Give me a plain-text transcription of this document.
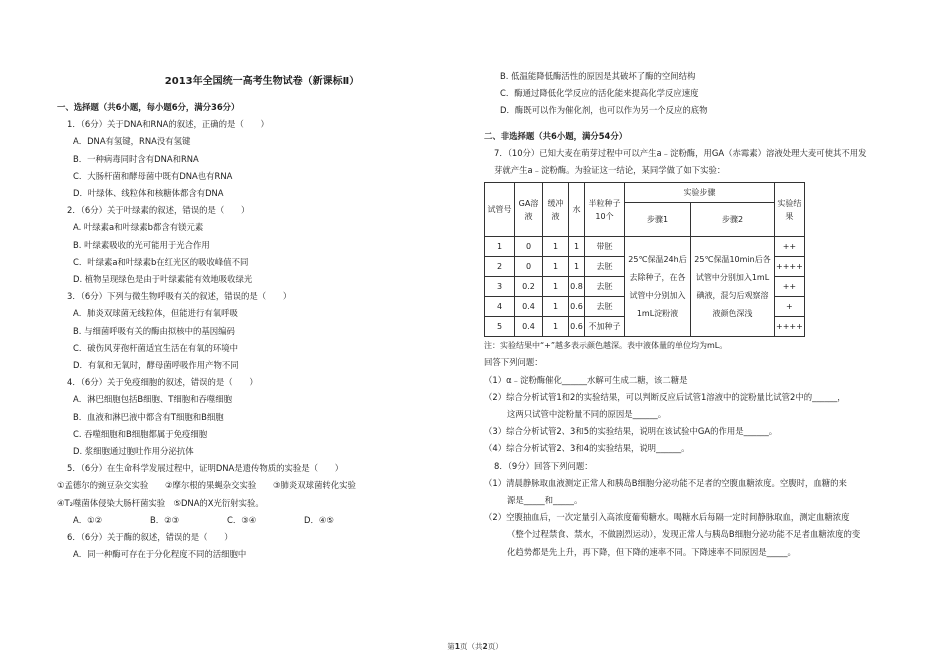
2013年全国统一高考生物试卷（新课标Ⅱ）
一、选择题（共6小题，每小题6分，满分36分）
1．（6分）关于DNA和RNA的叙述，正确的是（　　）
A．DNA有氢键，RNA没有氢键
B．一种病毒同时含有DNA和RNA
C．大肠杆菌和酵母菌中既有DNA也有RNA
D．叶绿体、线粒体和核糖体都含有DNA
2．（6分）关于叶绿素的叙述，错误的是（　　）
A. 叶绿素a和叶绿素b都含有镁元素
B. 叶绿素吸收的光可能用于光合作用
C．叶绿素a和叶绿素b在红光区的吸收峰值不同
D. 植物呈现绿色是由于叶绿素能有效地吸收绿光
3．（6分）下列与微生物呼吸有关的叙述，错误的是（　　）
A．肺炎双球菌无线粒体，但能进行有氧呼吸
B. 与细菌呼吸有关的酶由拟核中的基因编码
C．破伤风芽孢杆菌适宜生活在有氧的环境中
D．有氧和无氧时，酵母菌呼吸作用产物不同
4．（6分）关于免疫细胞的叙述，错误的是（　　）
A．淋巴细胞包括B细胞、T细胞和吞噬细胞
B．血液和淋巴液中都含有T细胞和B细胞
C. 吞噬细胞和B细胞都属于免疫细胞
D. 浆细胞通过胞吐作用分泌抗体
5．（6分）在生命科学发展过程中，证明DNA是遗传物质的实验是（　　）
①孟德尔的豌豆杂交实验　　②摩尔根的果蝇杂交实验　　③肺炎双球菌转化实验
④T₂噬菌体侵染大肠杆菌实验　⑤DNA的X光衍射实验。
A．①②	B．②③	C．③④	D．④⑤
6．（6分）关于酶的叙述，错误的是（　　）
A．同一种酶可存在于分化程度不同的活细胞中
B. 低温能降低酶活性的原因是其破坏了酶的空间结构
C．酶通过降低化学反应的活化能来提高化学反应速度
D．酶既可以作为催化剂，也可以作为另一个反应的底物
二、非选择题（共6小题，满分54分）
7．（10分）已知大麦在萌芽过程中可以产生a﹣淀粉酶，用GA（赤霉素）溶液处理大麦可使其不用发
芽就产生a﹣淀粉酶。为验证这一结论，某同学做了如下实验：
试管号	GA溶液	缓冲液	水	半粒种子10个	实验步骤		实验结果
					步骤1	步骤2	
1	0	1	1	带胚	25℃保温24h后去除种子，在各试管中分别加入1mL淀粉液	25℃保温10min后各试管中分别加入1mL碘液，混匀后观察溶液颜色深浅	++
2	0	1	1	去胚			++++
3	0.2	1	0.8	去胚			++
4	0.4	1	0.6	去胚			+
5	0.4	1	0.6	不加种子			++++
注：实验结果中“+”越多表示颜色越深。表中液体量的单位均为mL。
回答下列问题：
（1）α﹣淀粉酶催化______水解可生成二糖，该二糖是
（2）综合分析试管1和2的实验结果，可以判断反应后试管1溶液中的淀粉量比试管2中的______，
这两只试管中淀粉量不同的原因是______。
（3）综合分析试管2、3和5的实验结果，说明在该试验中GA的作用是______。
（4）综合分析试管2、3和4的实验结果，说明______。
8．（9分）回答下列问题：
（1）清晨静脉取血液测定正常人和胰岛B细胞分泌功能不足者的空腹血糖浓度。空腹时，血糖的来
源是_____和_____。
（2）空腹抽血后，一次定量引入高浓度葡萄糖水。喝糖水后每隔一定时间静脉取血，测定血糖浓度
（整个过程禁食、禁水，不做剧烈运动），发现正常人与胰岛B细胞分泌功能不足者血糖浓度的变
化趋势都是先上升，再下降，但下降的速率不同。下降速率不同原因是_____。
第1页（共2页）
